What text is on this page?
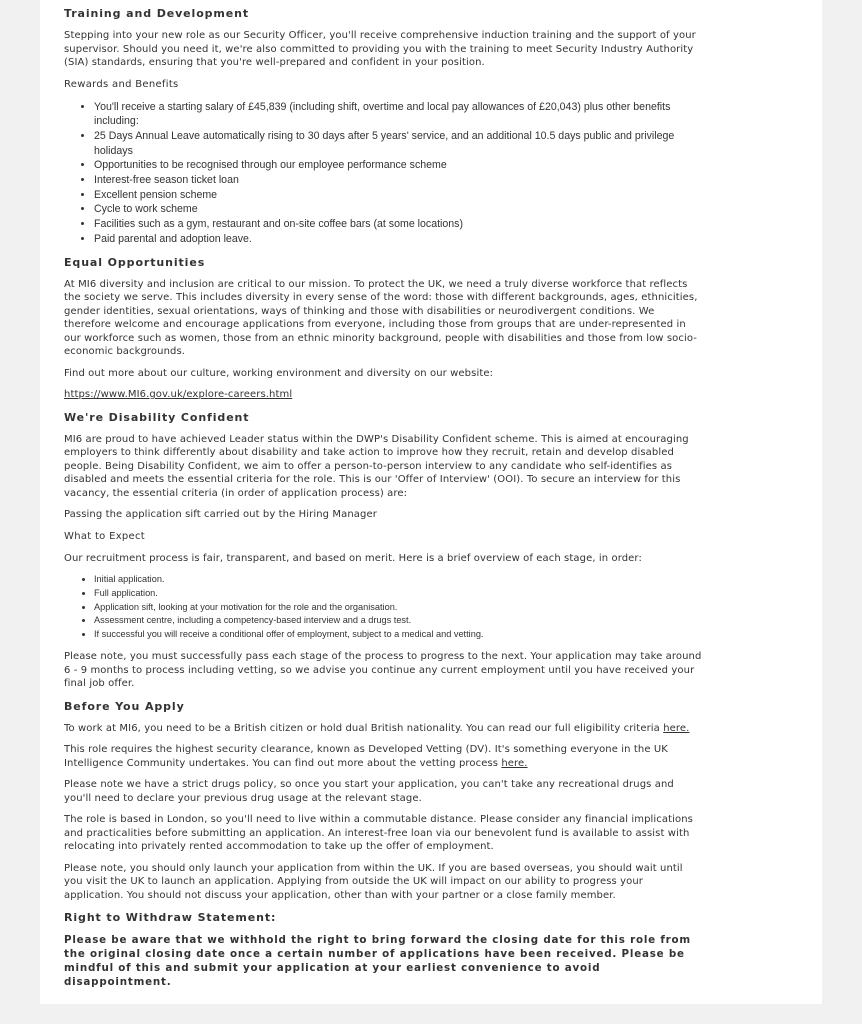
Training and Development

Stepping into your new role as our Security Officer, you'll receive comprehensive induction training and the support of your supervisor. Should you need it, we're also committed to providing you with the training to meet Security Industry Authority (SIA) standards, ensuring that you're well-prepared and confident in your position.

Rewards and Benefits
• You'll receive a starting salary of £45,839 (including shift, overtime and local pay allowances of £20,043) plus other benefits including:
• 25 Days Annual Leave automatically rising to 30 days after 5 years' service, and an additional 10.5 days public and privilege holidays
• Opportunities to be recognised through our employee performance scheme
• Interest-free season ticket loan
• Excellent pension scheme
• Cycle to work scheme
• Facilities such as a gym, restaurant and on-site coffee bars (at some locations)
• Paid parental and adoption leave.
Equal Opportunities

At MI6 diversity and inclusion are critical to our mission. To protect the UK, we need a truly diverse workforce that reflects the society we serve. This includes diversity in every sense of the word: those with different backgrounds, ages, ethnicities, gender identities, sexual orientations, ways of thinking and those with disabilities or neurodivergent conditions. We therefore welcome and encourage applications from everyone, including those from groups that are under-represented in our workforce such as women, those from an ethnic minority background, people with disabilities and those from low socio-economic backgrounds.

Find out more about our culture, working environment and diversity on our website:

https://www.MI6.gov.uk/explore-careers.html

We're Disability Confident

MI6 are proud to have achieved Leader status within the DWP's Disability Confident scheme. This is aimed at encouraging employers to think differently about disability and take action to improve how they recruit, retain and develop disabled people. Being Disability Confident, we aim to offer a person-to-person interview to any candidate who self-identifies as disabled and meets the essential criteria for the role. This is our 'Offer of Interview' (OOI). To secure an interview for this vacancy, the essential criteria (in order of application process) are:

Passing the application sift carried out by the Hiring Manager

What to Expect

Our recruitment process is fair, transparent, and based on merit. Here is a brief overview of each stage, in order:

• Initial application.
• Full application.
• Application sift, looking at your motivation for the role and the organisation.
• Assessment centre, including a competency-based interview and a drugs test.
• If successful you will receive a conditional offer of employment, subject to a medical and vetting.

Please note, you must successfully pass each stage of the process to progress to the next. Your application may take around 6 - 9 months to process including vetting, so we advise you continue any current employment until you have received your final job offer.

Before You Apply

To work at MI6, you need to be a British citizen or hold dual British nationality. You can read our full eligibility criteria here.

This role requires the highest security clearance, known as Developed Vetting (DV). It's something everyone in the UK Intelligence Community undertakes. You can find out more about the vetting process here.

Please note we have a strict drugs policy, so once you start your application, you can't take any recreational drugs and you'll need to declare your previous drug usage at the relevant stage.

The role is based in London, so you'll need to live within a commutable distance. Please consider any financial implications and practicalities before submitting an application. An interest-free loan via our benevolent fund is available to assist with relocating into privately rented accommodation to take up the offer of employment.

Please note, you should only launch your application from within the UK. If you are based overseas, you should wait until you visit the UK to launch an application. Applying from outside the UK will impact on our ability to progress your application. You should not discuss your application, other than with your partner or a close family member.

Right to Withdraw Statement:

Please be aware that we withhold the right to bring forward the closing date for this role from the original closing date once a certain number of applications have been received. Please be mindful of this and submit your application at your earliest convenience to avoid disappointment.
